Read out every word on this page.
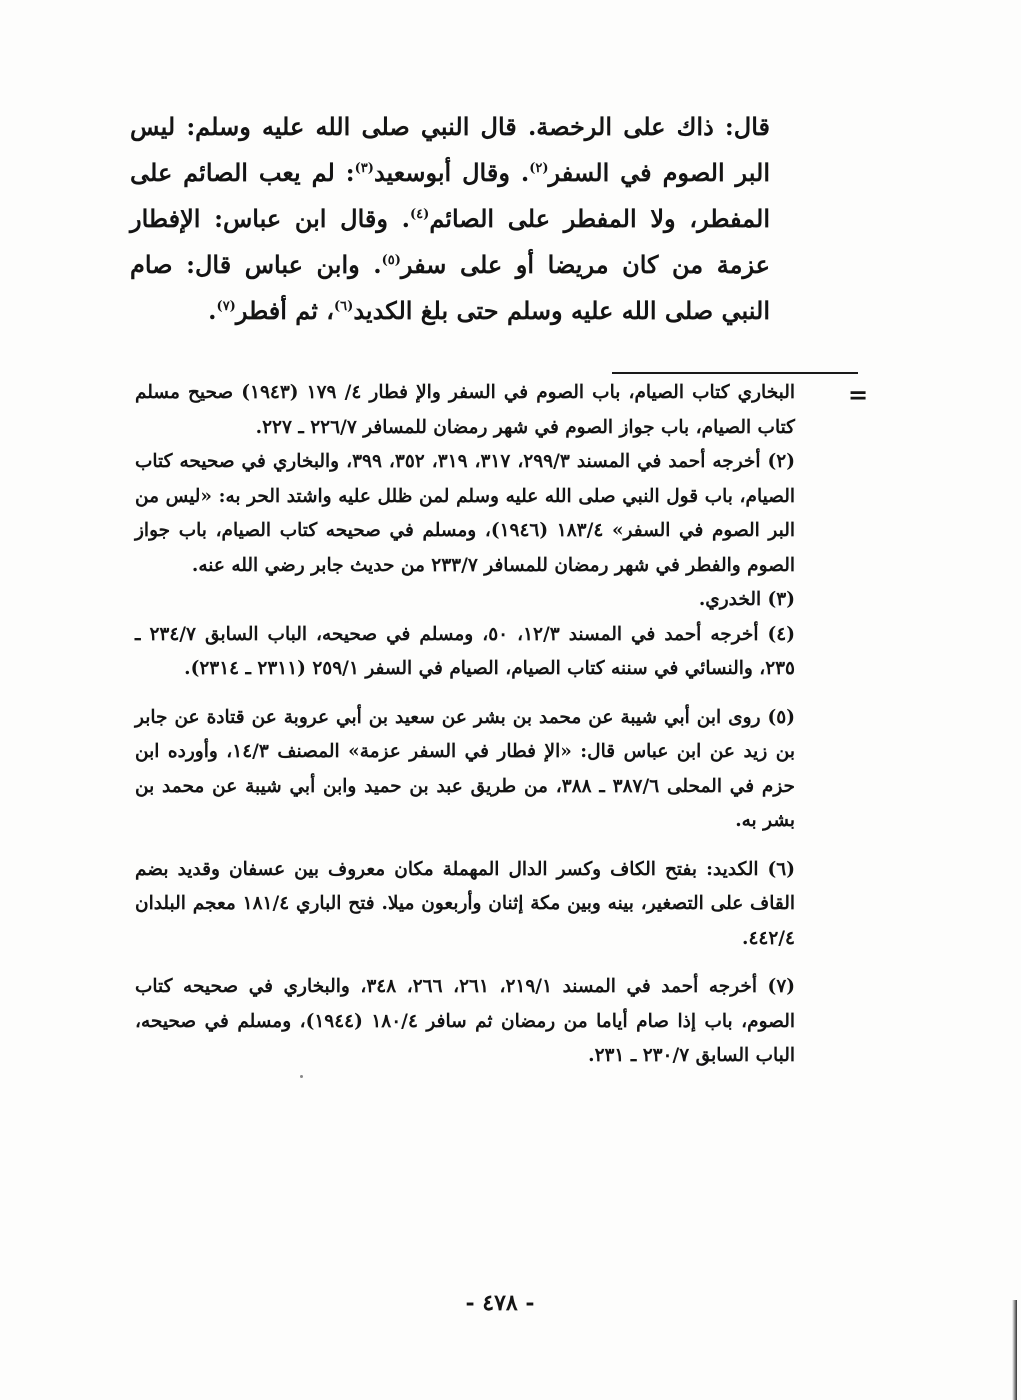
قال: ذاك على الرخصة. قال النبي صلى الله عليه وسلم: ليس البر الصوم في السفر$^{(٢)}$. وقال أبوسعيد$^{(٣)}$: لم يعب الصائم على المفطر، ولا المفطر على الصائم$^{(٤)}$. وقال ابن عباس: الإفطار عزمة من كان مريضا أو على سفر$^{(٥)}$. وابن عباس قال: صام النبي صلى الله عليه وسلم حتى بلغ الكديد$^{(٦)}$، ثم أفطر$^{(٧)}$.

=

البخاري كتاب الصيام، باب الصوم في السفر والإ فطار ٤/ ١٧٩ (١٩٤٣) صحيح مسلم كتاب الصيام، باب جواز الصوم في شهر رمضان للمسافر ٢٢٦/٧ ـ ٢٢٧.

(٢) أخرجه أحمد في المسند ٢٩٩/٣، ٣١٧، ٣١٩، ٣٥٢، ٣٩٩، والبخاري في صحيحه كتاب الصيام، باب قول النبي صلى الله عليه وسلم لمن ظلل عليه واشتد الحر به: «ليس من البر الصوم في السفر» ١٨٣/٤ (١٩٤٦)، ومسلم في صحيحه كتاب الصيام، باب جواز الصوم والفطر في شهر رمضان للمسافر ٢٣٣/٧ من حديث جابر رضي الله عنه.

(٣) الخدري.

(٤) أخرجه أحمد في المسند ١٢/٣، ٥٠، ومسلم في صحيحه، الباب السابق ٢٣٤/٧ ـ ٢٣٥، والنسائي في سننه كتاب الصيام، الصيام في السفر ٢٥٩/١ (٢٣١١ ـ ٢٣١٤).

(٥) روى ابن أبي شيبة عن محمد بن بشر عن سعيد بن أبي عروبة عن قتادة عن جابر بن زيد عن ابن عباس قال: «الإ فطار في السفر عزمة» المصنف ١٤/٣، وأورده ابن حزم في المحلى ٣٨٧/٦ ـ ٣٨٨، من طريق عبد بن حميد وابن أبي شيبة عن محمد بن بشر به.

(٦) الكديد: بفتح الكاف وكسر الدال المهملة مكان معروف بين عسفان وقديد بضم القاف على التصغير، بينه وبين مكة إثنان وأربعون ميلا. فتح الباري ١٨١/٤ معجم البلدان ٤٤٢/٤.

(٧) أخرجه أحمد في المسند ٢١٩/١، ٢٦١، ٢٦٦، ٣٤٨، والبخاري في صحيحه كتاب الصوم، باب إذا صام أياما من رمضان ثم سافر ١٨٠/٤ (١٩٤٤)، ومسلم في صحيحه، الباب السابق ٢٣٠/٧ ـ ٢٣١.

- ٤٧٨ -
